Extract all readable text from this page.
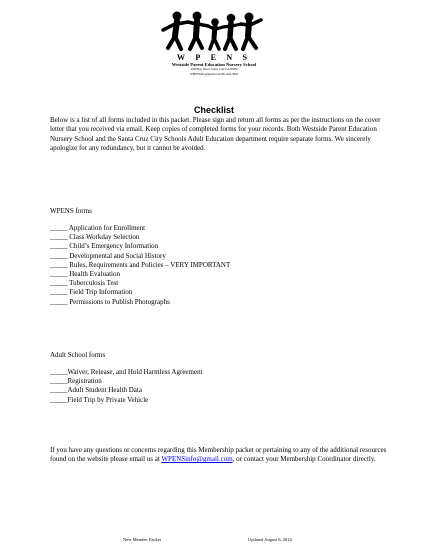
W P E N S
Westside Parent Education Nursery School
1029 Bay Street, Santa Cruz CA 95060
WPENSinfo@gmail.com 831-425-3903
Checklist
Below is a list of all forms included in this packet. Please sign and return all forms as per the instructions on the cover letter that you received via email. Keep copies of completed forms for your records. Both Westside Parent Education Nursery School and the Santa Cruz City Schools Adult Education department require separate forms. We sincerely apologize for any redundancy, but it cannot be avoided.
WPENS forms
_____ Application for Enrollment
_____ Class Workday Selection
_____ Child’s Emergency Information
_____ Developmental and Social History
_____ Rules, Requirements and Policies – VERY IMPORTANT
_____ Health Evaluation
_____ Tuberculosis Test
_____ Field Trip Information
_____ Permissions to Publish Photographs
Adult School forms
_____Waiver, Release, and Hold Harmless Agreement
_____Registration
_____Adult Student Health Data
_____Field Trip by Private Vehicle
If you have any questions or concerns regarding this Membership packet or pertaining to any of the additional resources found on the website please email us at WPENSinfo@gmail.com, or contact your Membership Coordinator directly.
New Member Packet	Updated August 6, 2014
